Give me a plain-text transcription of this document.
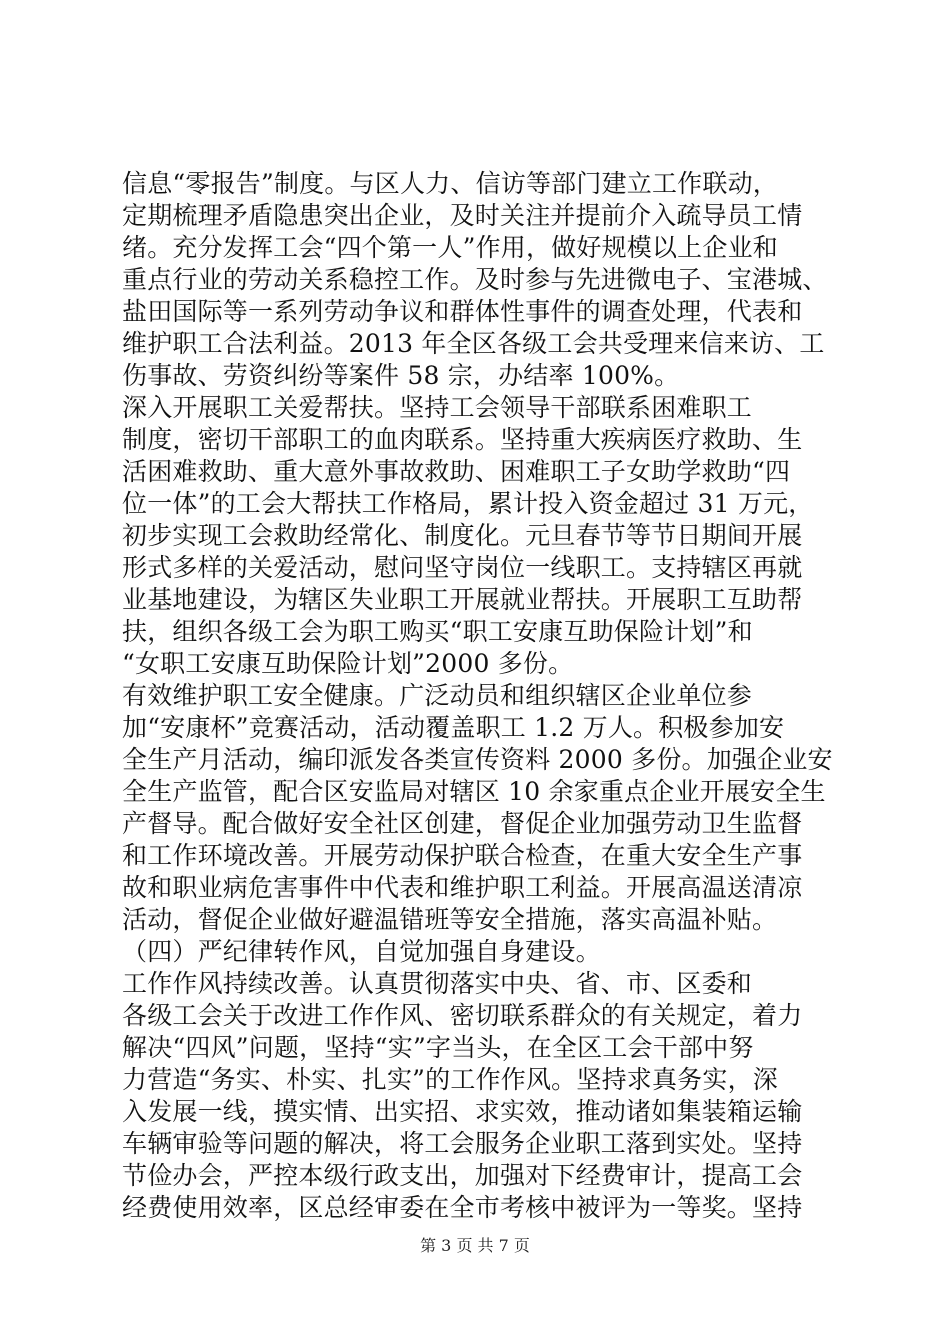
信息“零报告”制度。与区人力、信访等部门建立工作联动，
定期梳理矛盾隐患突出企业，及时关注并提前介入疏导员工情
绪。充分发挥工会“四个第一人”作用，做好规模以上企业和
重点行业的劳动关系稳控工作。及时参与先进微电子、宝港城、
盐田国际等一系列劳动争议和群体性事件的调查处理，代表和
维护职工合法利益。2013 年全区各级工会共受理来信来访、工
伤事故、劳资纠纷等案件 58 宗，办结率 100%。
深入开展职工关爱帮扶。坚持工会领导干部联系困难职工
制度，密切干部职工的血肉联系。坚持重大疾病医疗救助、生
活困难救助、重大意外事故救助、困难职工子女助学救助“四
位一体”的工会大帮扶工作格局，累计投入资金超过 31 万元，
初步实现工会救助经常化、制度化。元旦春节等节日期间开展
形式多样的关爱活动，慰问坚守岗位一线职工。支持辖区再就
业基地建设，为辖区失业职工开展就业帮扶。开展职工互助帮
扶，组织各级工会为职工购买“职工安康互助保险计划”和
“女职工安康互助保险计划”2000 多份。
有效维护职工安全健康。广泛动员和组织辖区企业单位参
加“安康杯”竞赛活动，活动覆盖职工 1.2 万人。积极参加安
全生产月活动，编印派发各类宣传资料 2000 多份。加强企业安
全生产监管，配合区安监局对辖区 10 余家重点企业开展安全生
产督导。配合做好安全社区创建，督促企业加强劳动卫生监督
和工作环境改善。开展劳动保护联合检查，在重大安全生产事
故和职业病危害事件中代表和维护职工利益。开展高温送清凉
活动，督促企业做好避温错班等安全措施，落实高温补贴。
（四）严纪律转作风，自觉加强自身建设。
工作作风持续改善。认真贯彻落实中央、省、市、区委和
各级工会关于改进工作作风、密切联系群众的有关规定，着力
解决“四风”问题，坚持“实”字当头，在全区工会干部中努
力营造“务实、朴实、扎实”的工作作风。坚持求真务实，深
入发展一线，摸实情、出实招、求实效，推动诸如集装箱运输
车辆审验等问题的解决，将工会服务企业职工落到实处。坚持
节俭办会，严控本级行政支出，加强对下经费审计，提高工会
经费使用效率，区总经审委在全市考核中被评为一等奖。坚持
第 3 页 共 7 页
